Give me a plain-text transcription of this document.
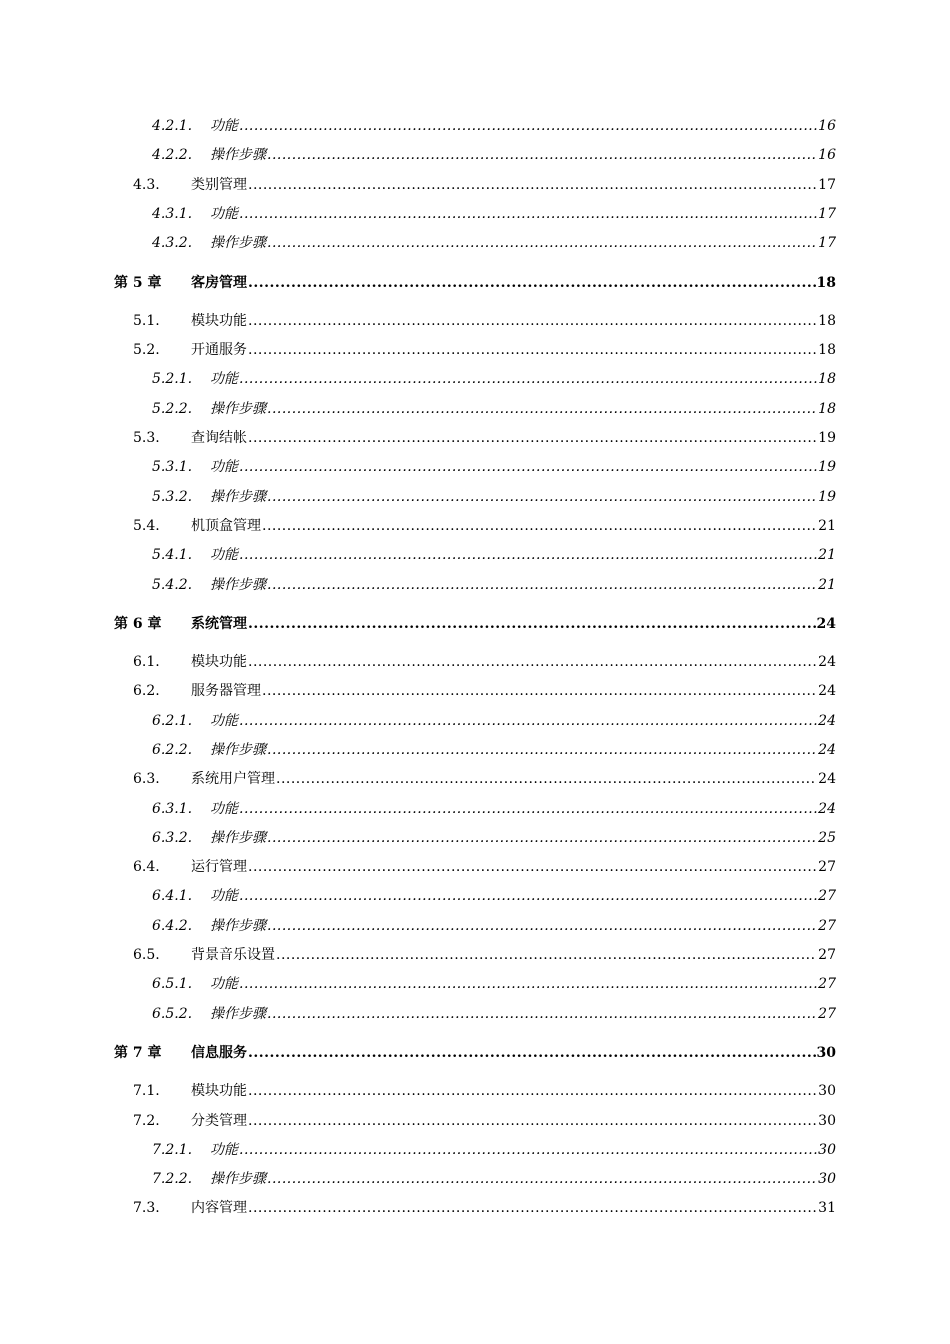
4.2.1.	功能 .....	16
4.2.2.	操作步骤 .....	16
4.3.	类别管理 .....	17
4.3.1.	功能 .....	17
4.3.2.	操作步骤 .....	17
第 5 章	客房管理 .....	18
5.1.	模块功能 .....	18
5.2.	开通服务 .....	18
5.2.1.	功能 .....	18
5.2.2.	操作步骤 .....	18
5.3.	查询结帐 .....	19
5.3.1.	功能 .....	19
5.3.2.	操作步骤 .....	19
5.4.	机顶盒管理 .....	21
5.4.1.	功能 .....	21
5.4.2.	操作步骤 .....	21
第 6 章	系统管理 .....	24
6.1.	模块功能 .....	24
6.2.	服务器管理 .....	24
6.2.1.	功能 .....	24
6.2.2.	操作步骤 .....	24
6.3.	系统用户管理 .....	24
6.3.1.	功能 .....	24
6.3.2.	操作步骤 .....	25
6.4.	运行管理 .....	27
6.4.1.	功能 .....	27
6.4.2.	操作步骤 .....	27
6.5.	背景音乐设置 .....	27
6.5.1.	功能 .....	27
6.5.2.	操作步骤 .....	27
第 7 章	信息服务 .....	30
7.1.	模块功能 .....	30
7.2.	分类管理 .....	30
7.2.1.	功能 .....	30
7.2.2.	操作步骤 .....	30
7.3.	内容管理 .....	31
